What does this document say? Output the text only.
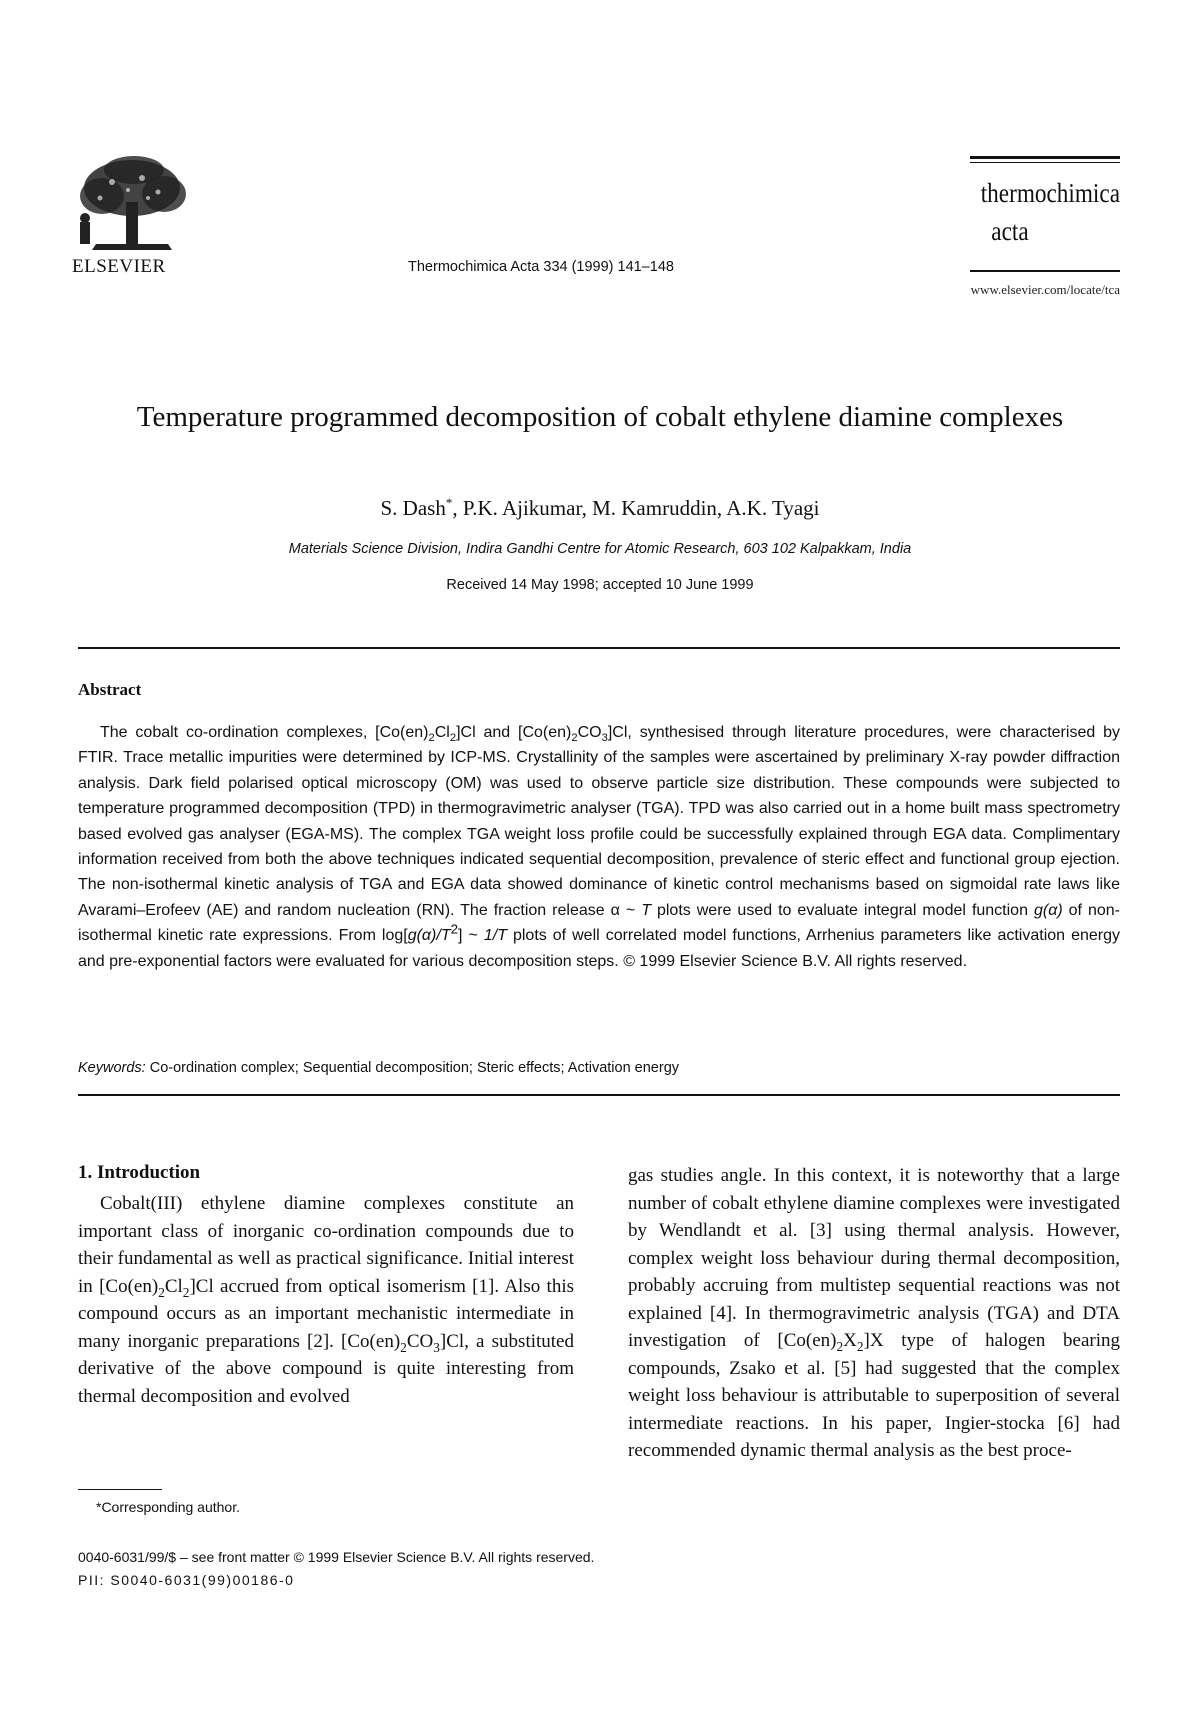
ELSEVIER	Thermochimica Acta 334 (1999) 141–148
thermochimica
acta
www.elsevier.com/locate/tca
Temperature programmed decomposition of cobalt ethylene diamine complexes
S. Dash*, P.K. Ajikumar, M. Kamruddin, A.K. Tyagi
Materials Science Division, Indira Gandhi Centre for Atomic Research, 603 102 Kalpakkam, India
Received 14 May 1998; accepted 10 June 1999
Abstract
The cobalt co-ordination complexes, $[Co(en)_2Cl_2]Cl$ and $[Co(en)_2CO_3]Cl$, synthesised through literature procedures, were characterised by FTIR. Trace metallic impurities were determined by ICP-MS. Crystallinity of the samples were ascertained by preliminary X-ray powder diffraction analysis. Dark field polarised optical microscopy (OM) was used to observe particle size distribution. These compounds were subjected to temperature programmed decomposition (TPD) in thermogravimetric analyser (TGA). TPD was also carried out in a home built mass spectrometry based evolved gas analyser (EGA-MS). The complex TGA weight loss profile could be successfully explained through EGA data. Complimentary information received from both the above techniques indicated sequential decomposition, prevalence of steric effect and functional group ejection. The non-isothermal kinetic analysis of TGA and EGA data showed dominance of kinetic control mechanisms based on sigmoidal rate laws like Avarami–Erofeev (AE) and random nucleation (RN). The fraction release α ~ T plots were used to evaluate integral model function g(α) of non-isothermal kinetic rate expressions. From $\log[g(\alpha)/T^2]$ ~ 1/T plots of well correlated model functions, Arrhenius parameters like activation energy and pre-exponential factors were evaluated for various decomposition steps. © 1999 Elsevier Science B.V. All rights reserved.
Keywords: Co-ordination complex; Sequential decomposition; Steric effects; Activation energy
1. Introduction

Cobalt(III) ethylene diamine complexes constitute an important class of inorganic co-ordination compounds due to their fundamental as well as practical significance. Initial interest in $[Co(en)_2Cl_2]Cl$ accrued from optical isomerism [1]. Also this compound occurs as an important mechanistic intermediate in many inorganic preparations [2]. $[Co(en)_2CO_3]Cl$, a substituted derivative of the above compound is quite interesting from thermal decomposition and evolved

gas studies angle. In this context, it is noteworthy that a large number of cobalt ethylene diamine complexes were investigated by Wendlandt et al. [3] using thermal analysis. However, complex weight loss behaviour during thermal decomposition, probably accruing from multistep sequential reactions was not explained [4]. In thermogravimetric analysis (TGA) and DTA investigation of $[Co(en)_2X_2]X$ type of halogen bearing compounds, Zsako et al. [5] had suggested that the complex weight loss behaviour is attributable to superposition of several intermediate reactions. In his paper, Ingier-stocka [6] had recommended dynamic thermal analysis as the best proce-
*Corresponding author.
0040-6031/99/$ – see front matter © 1999 Elsevier Science B.V. All rights reserved.
PII: S0040-6031(99)00186-0
